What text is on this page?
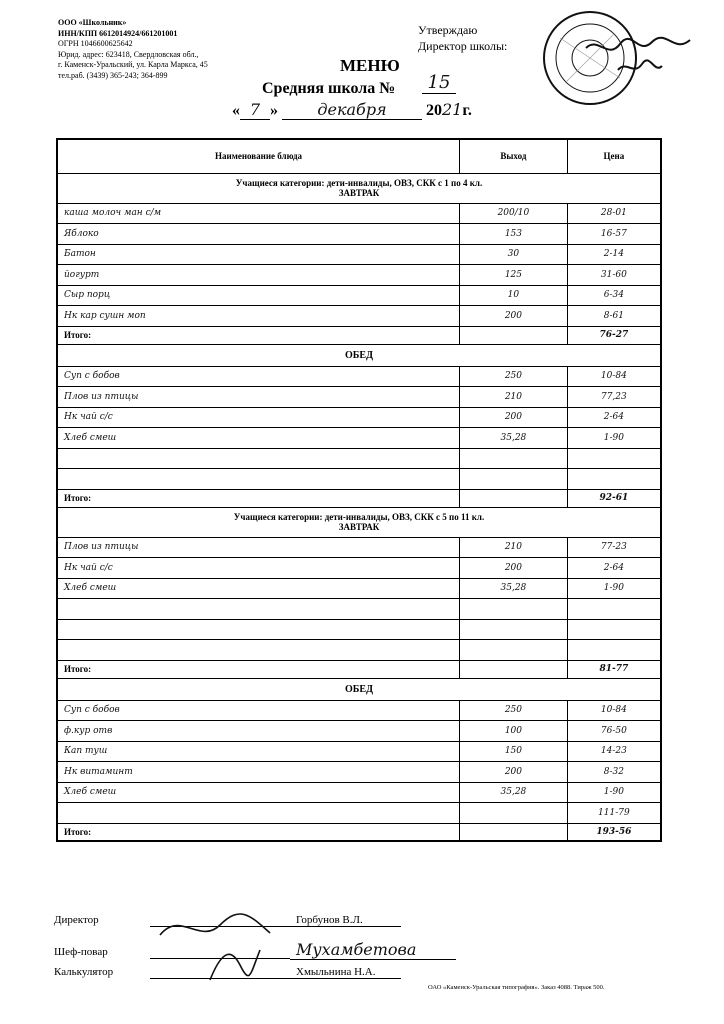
ООО «Школьник»
ИНН/КПП 6612014924/661201001
ОГРН 1046600625642
Юрид. адрес: 623418, Свердловская обл.,
г. Каменск-Уральский, ул. Карла Маркса, 45
тел.раб. (3439) 365-243; 364-899
Утверждаю
Директор школы:
МЕНЮ
Средняя школа №	15
« 7 » декабря 2021г.
Наименование блюда	Выход	Цена

Учащиеся категории: дети-инвалиды, ОВЗ, СКК с 1 по 4 кл.
ЗАВТРАК		

каша молоч ман с/м	200/10	28-01
Яблоко	153	16-57
Батон	30	2-14
йогурт	125	31-60
Сыр порц	10	6-34
Нк кар сушн моп	200	8-61
Итого:		76-27

ОБЕД		

Суп с бобов	250	10-84
Плов из птицы	210	77,23
Нк чай с/с	200	2-64
Хлеб смеш	35,28	1-90

Итого:		92-61

Учащиеся категории: дети-инвалиды, ОВЗ, СКК с 5 по 11 кл.
ЗАВТРАК		

Плов из птицы	210	77-23
Нк чай с/с	200	2-64
Хлеб смеш	35,28	1-90

Итого:		81-77

ОБЕД		

Суп с бобов	250	10-84
ф.кур отв	100	76-50
Кап туш	150	14-23
Нк витаминт	200	8-32
Хлеб смеш	35,28	1-90
		111-79
Итого:		193-56
Директор	Горбунов В.Л.
Шеф-повар	Мухамбетова
Калькулятор	Хмыльнина Н.А.
ОАО «Каменск-Уральская типография». Заказ 4088. Тираж 500.
